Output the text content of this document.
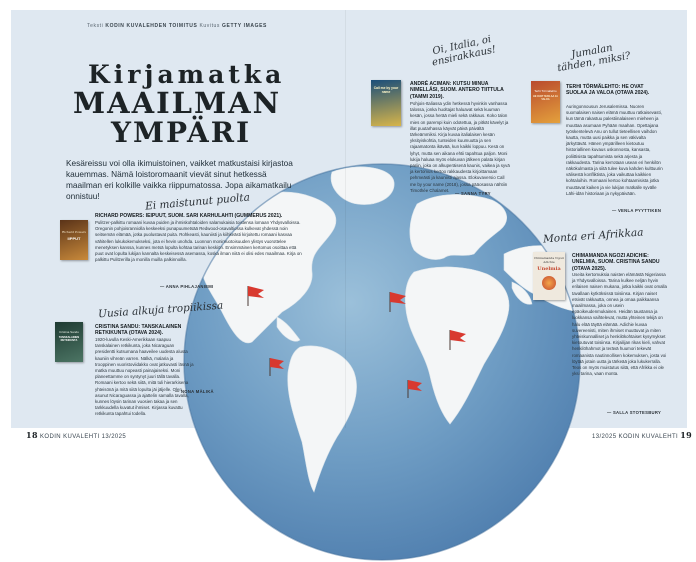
Teksti KODIN KUVALEHDEN TOIMITUS Kuvitus GETTY IMAGES
Kirjamatka
MAAILMAN
YMPÄRI
Kesäreissu voi olla ikimuistoinen, vaikket matkustaisi kirjastoa kauemmas. Nämä loistoromaanit vievät sinut hetkessä maailman eri kolkille vaikka riippumatossa. Jopa aikamatkailu onnistuu!	Ei maistunut puolta
Richard Powers
IIPPUT
RICHARD POWERS: IEIPUUT, SUOM. SARI KARHULAHTI (GUMMERUS 2021).
Pulitzer-palkittu romaani kuvaa puiden ja ihmiskohtaloiden salamukaisia toistensa lomaan Yhdysvalloissa. Oregonin pohjoisranniolla keskeeksi punapuumetsää Redwood-osavaltiossa kulkevat yhdessä noin seitsemän elämää, jotka puolustavat puita. Rohkeasti, kauniisti ja kiihkeästi kirjoitettu romaani kasvaa vähitellen lukukokemukseksi, jota ei hevin unohda. Luonnon monimuotoisuuden ylistys vuorottelee menetyksen kanssa, kunnes metsä lopulta kohtaa tarinan keskiön. Ensimmäinen kertomus osoittaa että puut ovat lopulta lukijan kannalta keskeisessä asemassa, koska ilman niitä ei olisi edes maailmaa. Kirja on palkittu Pulitzerilla ja monilla muilla palkinnoilla.
— ANNA PIHLAJANIEMI
Uusia alkuja tropiikissa
Cristina Sandu
TANSKALAINEN RETKIKUNTA
CRISTINA SANDU: TANSKALAINEN RETKIKUNTA (OTAVA 2024).
1920-luvulla Keski-Amerikkaan saapuu tanskalainen retkikunta, joka Nicaraguan presidentti kutsumana haaveilee uudesta alusta kauniin vihreän varren. Nälkä, malaria ja trooppinen vuoristoviidakko ovat jatkuvasti läsnä ja matka muuttuu nopeasti painajaiseksi. Moni planeettamme on syntynyt juuri tällä tavalla. Romaani kertoo sekä siitä, mitä tuli hierarkisena yhteisönä ja mitä siitä lopulta jäi jäljelle. Olen asunut Nicaraguassa ja ajattelin samalla tavalla, kunnes löysin tarinan vuosien takaa ja sen tarkkuudella kuvatut ihmiset. Kirjassa kuvattu retkikunta tapahtui todella.
— NONA MÄLIKÄ
Oi, Italia, oi ensirakkaus!
Call me by your name
ANDRÉ ACIMAN: KUTSU MINUA NIMELLÄSI, SUOM. ANTERO TIITTULA (TAMMI 2019).
Pohjois-Italiassa ydin hetkessä hyvinkin vanhassa talossa, jonka huoltajat haluavat sekä kuuman kesän, jossa herää mieli sekä rakkaus. Koko talon mies on parempi kuin odotettua, ja pitkät kävelyt ja illat puutarhassa käyvät päivä päivältä tärkeämmiksi. Kirja kuvaa italialaisen kesän yksityiskohtia, tunteiden kuumuutta ja sen rajaamatonta ikävää, kun kaikki loppuu. Kesä on lyhyt, mutta sen aikana ehtii tapahtua paljon. Moni lukija haluaa myös elokuvan jälkeen palata kirjan pariin, joka on alkuperäisenä kaunis, vaikea ja syvä ja kertomus kertoo rakkaudesta kirjoittamaan pehmeästi ja kauniisti ajassa. Elokuvaversio Call me by your name (2018), jossa pääosassa nähtiin Timothée Chalamet.
— SANNA TYRY
Jumalan tähden, miksi?
Terhi Törmälehto
HE OVAT SUOLAA JA VALOA
TERHI TÖRMÄLEHTO: HE OVAT SUOLAA JA VALOA (OTAVA 2024).
Auringonnousun Jerusalemissa. Nuoren suomalaisen naisen elämä muuttuu ratkaisevasti, kun tämä rakastuu palestiinalaiseen mieheen ja muuttaa asumaan Pyhään maahan. Opettajana työskentelevä Anu on tullut tieteellisen vaihdon kautta, mutta uusi paikka ja sen väkivalta järkyttävät. Hänen ympärilleen kietoutuu historiallinen kuvaus uskonnosta, kansasta, poliittisista tapahtumista sekä arjesta ja rakkaudesta. Tarina kerrotaan usean eri henkilön näkökulmasta ja siitä tulee kuva kahden kulttuurin välisestä konfliktista, joka vaikuttaa kaikkien kohtaloihin. Romaani kertoo kohtaamisista jotka muuttavat kaiken ja vie lukijan matkalle syvälle Lähi-idän historiaan ja nykypäivään.
— VENLA PYYTTIKEN
Monta eri Afrikkaa
Chimamanda Ngozi Adichie
Unelmia
CHIMAMANDA NGOZI ADICHIE: UNELMIA, SUOM. CRISTINA SANDU (OTAVA 2025).
Useita kertomuksia naisten elämästä Nigeriassa ja Yhdysvalloissa. Tarina kulkee neljän hyvin erilaisen naisen mukana, jotka kaikki ovat omalla tavallaan kytköksissä toisiinsa. Kirjan naiset etsivät rakkautta, onnea ja omaa paikkaansa maailmassa, joka on usein epäoikeudenmukainen. Heidän taustansa ja luokkansa vaihtelevat, mutta yhteinen tekijä on halu elää täyttä elämää. Adichie kuvaa suvereenisti, miten ihmiset muuttuvat ja miten yhteiskunnalliset ja henkilökohtaiset kysymykset kietoutuvat toisiinsa. Kirjailijan rikas kieli, vahvat henkilöhahmot ja terävä huumori tekevät romaanista nautinnollisen kokemuksen, josta voi löytää jotain uutta ja tärkeää joka lukukerralla. Teos on myös muistutus siitä, että Afrikka ei ole yksi tarina, vaan monta.
— SALLA STOTESBURY
18 KODIN KUVALEHTI 13/2025	13/2025 KODIN KUVALEHTI 19
